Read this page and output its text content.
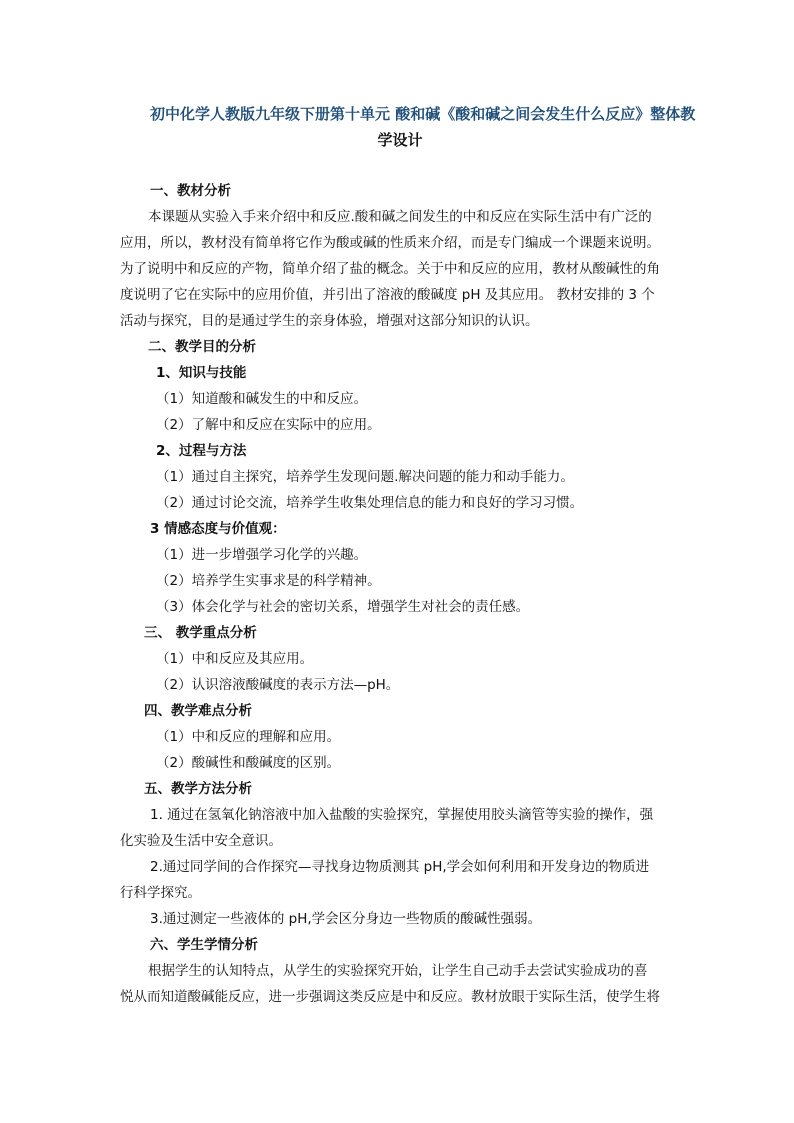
初中化学人教版九年级下册第十单元 酸和碱《酸和碱之间会发生什么反应》整体教
学设计
一、教材分析
本课题从实验入手来介绍中和反应.酸和碱之间发生的中和反应在实际生活中有广泛的
应用，所以，教材没有简单将它作为酸或碱的性质来介绍，而是专门编成一个课题来说明。
为了说明中和反应的产物，简单介绍了盐的概念。关于中和反应的应用，教材从酸碱性的角
度说明了它在实际中的应用价值，并引出了溶液的酸碱度 pH 及其应用。 教材安排的 3 个
活动与探究，目的是通过学生的亲身体验，增强对这部分知识的认识。
二、教学目的分析
1、知识与技能
（1）知道酸和碱发生的中和反应。
（2）了解中和反应在实际中的应用。
2、过程与方法
（1）通过自主探究，培养学生发现问题.解决问题的能力和动手能力。
（2）通过讨论交流，培养学生收集处理信息的能力和良好的学习习惯。
3 情感态度与价值观：
（1）进一步增强学习化学的兴趣。
（2）培养学生实事求是的科学精神。
（3）体会化学与社会的密切关系，增强学生对社会的责任感。
三、 教学重点分析
（1）中和反应及其应用。
（2）认识溶液酸碱度的表示方法—pH。
四、教学难点分析
（1）中和反应的理解和应用。
（2）酸碱性和酸碱度的区别。
五、教学方法分析
1. 通过在氢氧化钠溶液中加入盐酸的实验探究，掌握使用胶头滴管等实验的操作，强
化实验及生活中安全意识。
2.通过同学间的合作探究—寻找身边物质测其 pH,学会如何利用和开发身边的物质进
行科学探究。
3.通过测定一些液体的 pH,学会区分身边一些物质的酸碱性强弱。
六、学生学情分析
根据学生的认知特点，从学生的实验探究开始，让学生自己动手去尝试实验成功的喜
悦从而知道酸碱能反应，进一步强调这类反应是中和反应。教材放眼于实际生活，使学生将
